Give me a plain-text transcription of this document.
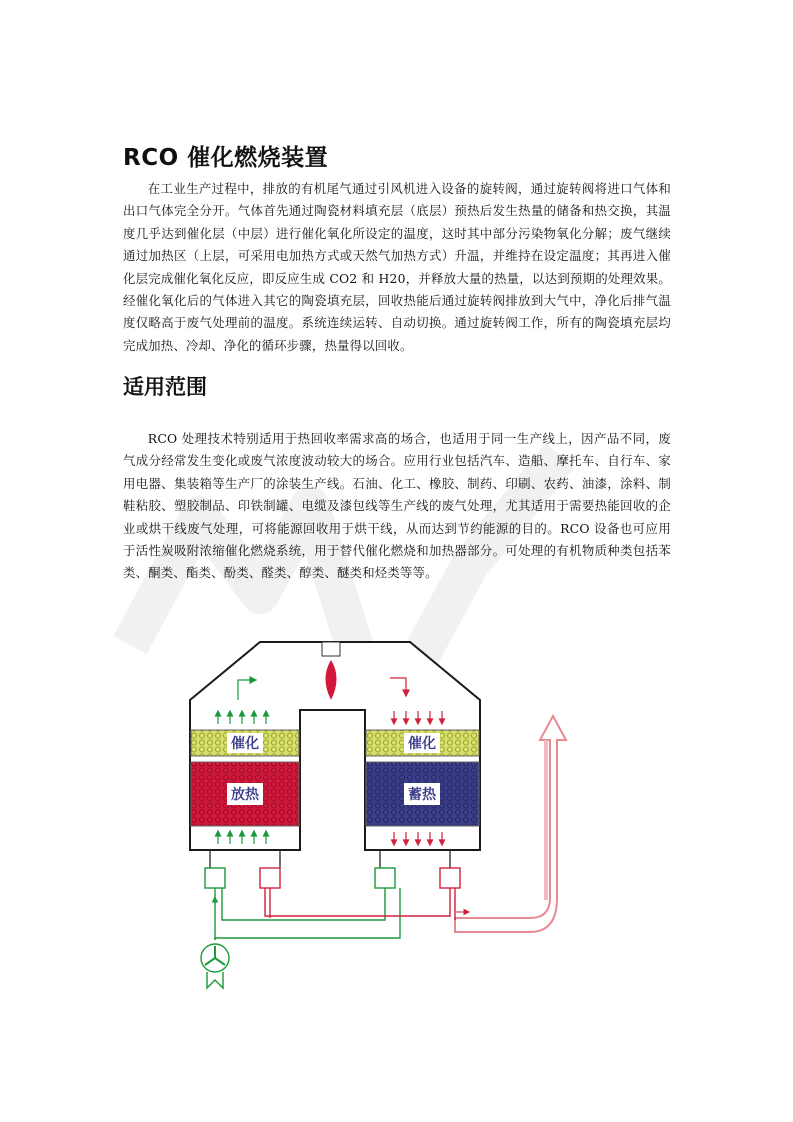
RCO 催化燃烧装置

在工业生产过程中，排放的有机尾气通过引风机进入设备的旋转阀，通过旋转阀将进口气体和出口气体完全分开。气体首先通过陶瓷材料填充层（底层）预热后发生热量的储备和热交换，其温度几乎达到催化层（中层）进行催化氧化所设定的温度，这时其中部分污染物氧化分解；废气继续通过加热区（上层，可采用电加热方式或天然气加热方式）升温，并维持在设定温度；其再进入催化层完成催化氧化反应，即反应生成 CO2 和 H20，并释放大量的热量，以达到预期的处理效果。经催化氧化后的气体进入其它的陶瓷填充层，回收热能后通过旋转阀排放到大气中，净化后排气温度仅略高于废气处理前的温度。系统连续运转、自动切换。通过旋转阀工作，所有的陶瓷填充层均完成加热、冷却、净化的循环步骤，热量得以回收。

适用范围

RCO 处理技术特别适用于热回收率需求高的场合，也适用于同一生产线上，因产品不同，废气成分经常发生变化或废气浓度波动较大的场合。应用行业包括汽车、造船、摩托车、自行车、家用电器、集装箱等生产厂的涂装生产线。石油、化工、橡胶、制药、印刷、农药、油漆，涂料、制鞋粘胶、塑胶制品、印铁制罐、电缆及漆包线等生产线的废气处理，尤其适用于需要热能回收的企业或烘干线废气处理，可将能源回收用于烘干线，从而达到节约能源的目的。RCO 设备也可应用于活性炭吸附浓缩催化燃烧系统，用于替代催化燃烧和加热器部分。可处理的有机物质种类包括苯类、酮类、酯类、酚类、醛类、醇类、醚类和烃类等等。

催化	催化
放热	蓄热
